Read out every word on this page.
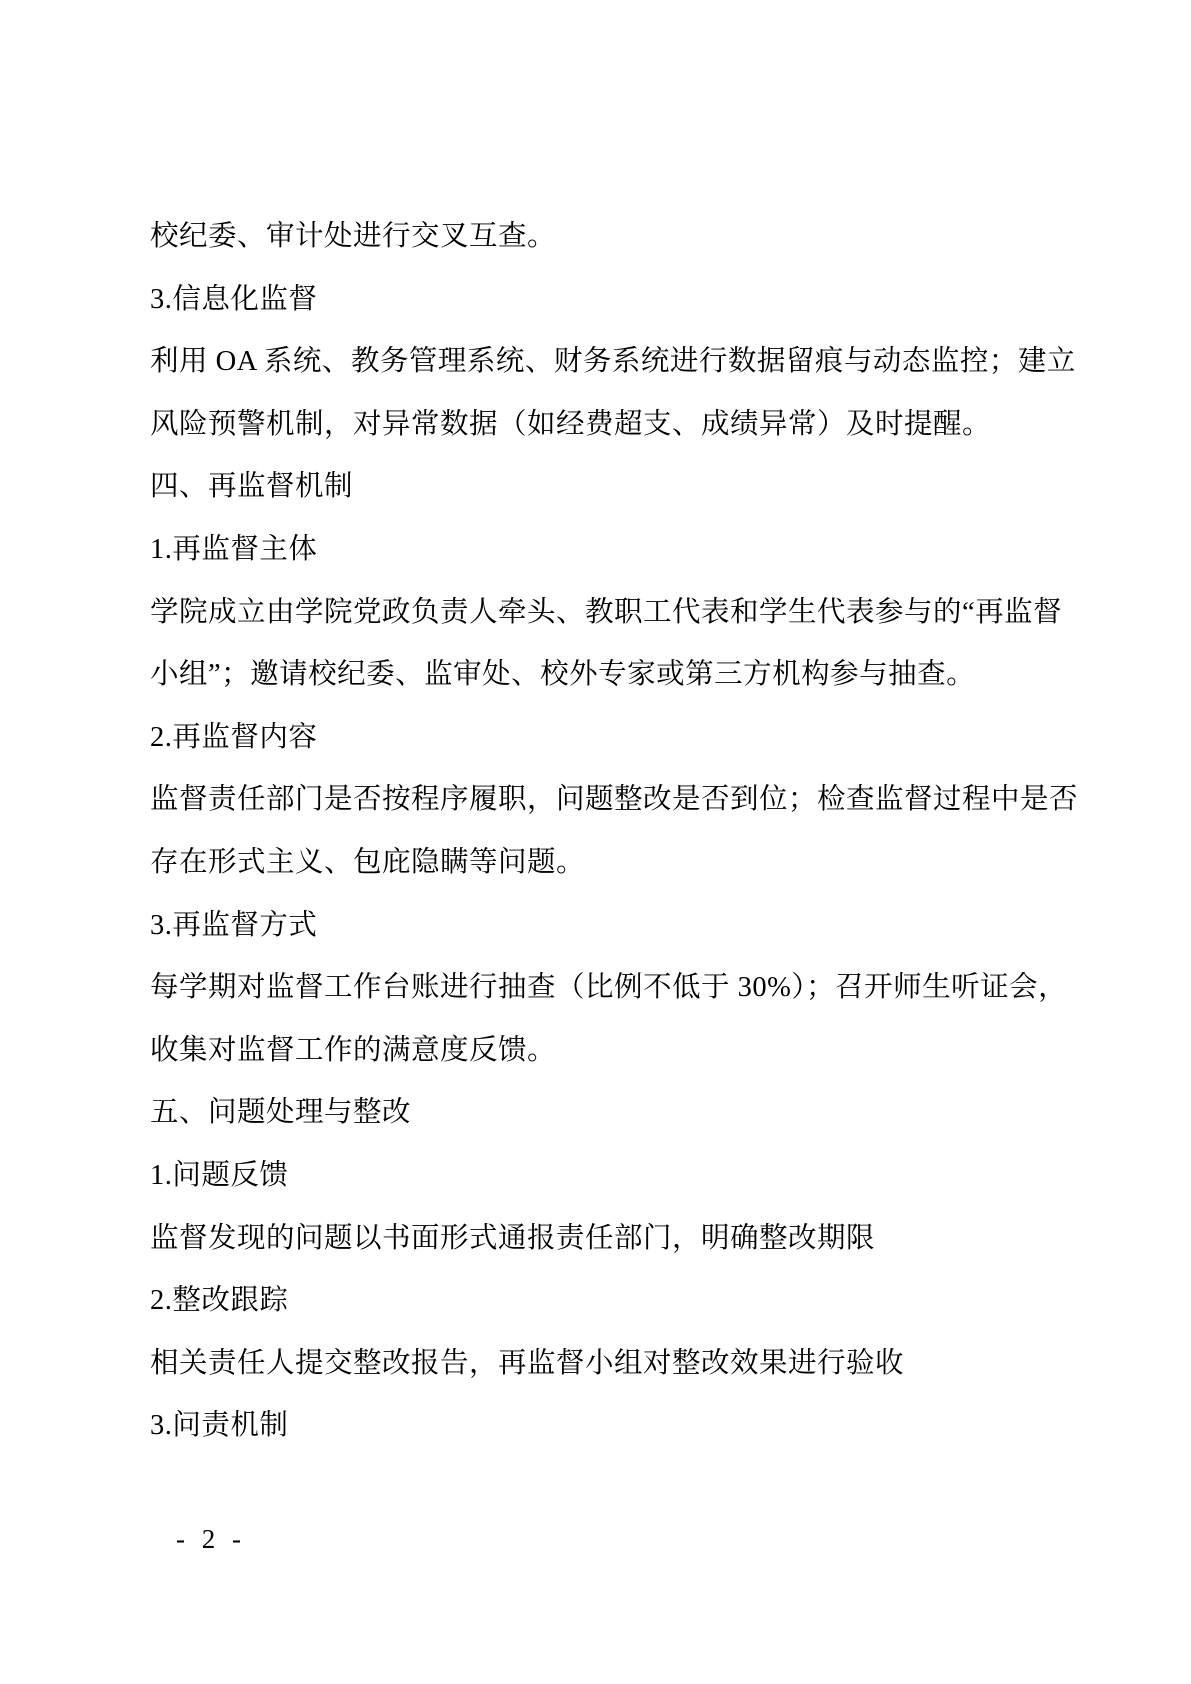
校纪委、审计处进行交叉互查。
3.信息化监督
利用 OA 系统、教务管理系统、财务系统进行数据留痕与动态监控；建立
风险预警机制，对异常数据（如经费超支、成绩异常）及时提醒。
四、再监督机制
1.再监督主体
学院成立由学院党政负责人牵头、教职工代表和学生代表参与的“再监督
小组”；邀请校纪委、监审处、校外专家或第三方机构参与抽查。
2.再监督内容
监督责任部门是否按程序履职，问题整改是否到位；检查监督过程中是否
存在形式主义、包庇隐瞒等问题。
3.再监督方式
每学期对监督工作台账进行抽查（比例不低于 30%）；召开师生听证会，
收集对监督工作的满意度反馈。
五、问题处理与整改
1.问题反馈
监督发现的问题以书面形式通报责任部门，明确整改期限
2.整改跟踪
相关责任人提交整改报告，再监督小组对整改效果进行验收
3.问责机制
- 2 -
